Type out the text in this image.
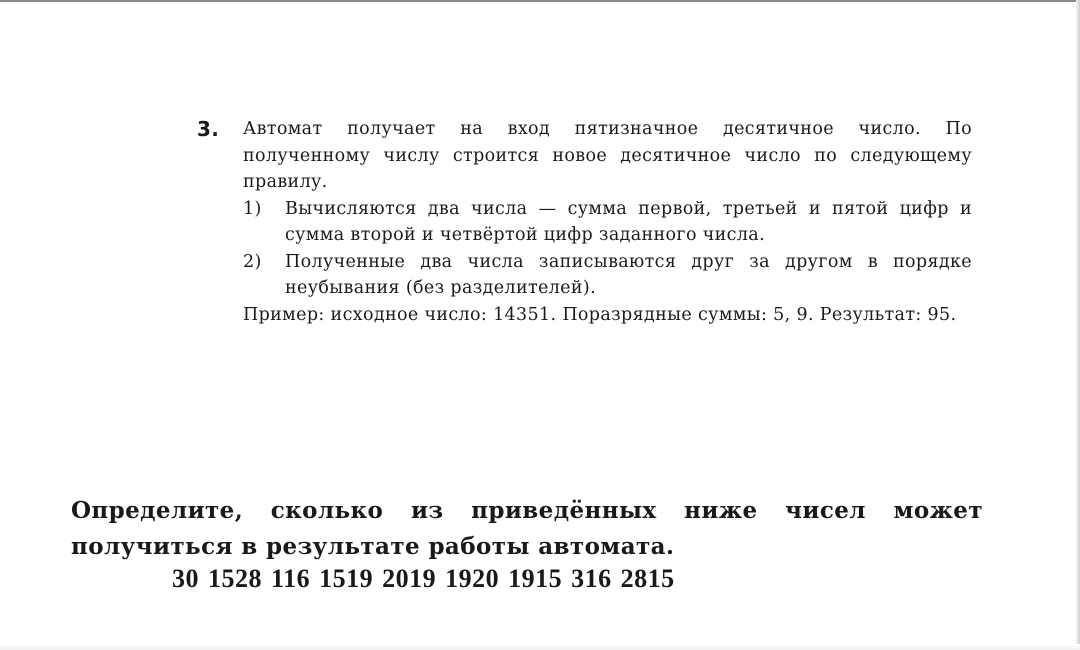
3.	Автомат получает на вход пятизначное десятичное число. По полученному числу строится новое десятичное число по следующему правилу.

1) Вычисляются два числа — сумма первой, третьей и пятой цифр и сумма второй и четвёртой цифр заданного числа.

2) Полученные два числа записываются друг за другом в порядке неубывания (без разделителей).

Пример: исходное число: 14351. Поразрядные суммы: 5, 9. Результат: 95.

Определите, сколько из приведённых ниже чисел может получиться в результате работы автомата.
30 1528 116 1519 2019 1920 1915 316 2815
